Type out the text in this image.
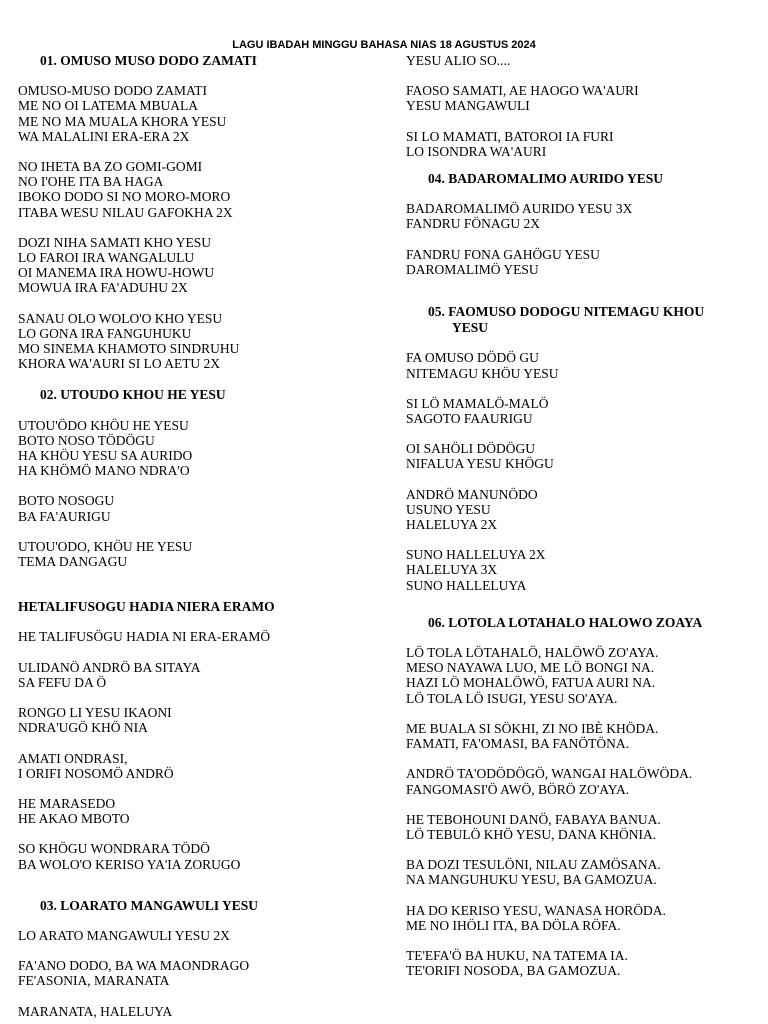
LAGU IBADAH MINGGU BAHASA NIAS 18 AGUSTUS 2024
01. OMUSO MUSO DODO ZAMATI
OMUSO-MUSO DODO ZAMATI
ME NO OI LATEMA MBUALA
ME NO MA MUALA KHORA YESU
WA MALALINI ERA-ERA 2X
NO IHETA BA ZO GOMI-GOMI
NO I'OHE ITA BA HAGA
IBOKO DODO SI NO MORO-MORO
ITABA WESU NILAU GAFOKHA 2X
DOZI NIHA SAMATI KHO YESU
LO FAROI IRA WANGALULU
OI MANEMA IRA HOWU-HOWU
MOWUA IRA FA'ADUHU 2X
SANAU OLO WOLO'O KHO YESU
LO GONA IRA FANGUHUKU
MO SINEMA KHAMOTO SINDRUHU
KHORA WA'AURI SI LO AETU 2X
02. UTOUDO KHOU HE YESU
UTOU'ÖDO KHÖU HE YESU
BOTO NOSO TÖDÖGU
HA KHÖU YESU SA AURIDO
HA KHÖMÖ MANO NDRA'O
BOTO NOSOGU
BA FA'AURIGU
UTOU'ODO, KHÖU HE YESU
TEMA DANGAGU
HETALIFUSOGU HADIA NIERA ERAMO
HE TALIFUSÖGU HADIA NI ERA-ERAMÖ
ULIDANÖ ANDRÖ BA SITAYA
SA FEFU DA Ö
RONGO LI YESU IKAONI
NDRA'UGÖ KHÖ NIA
AMATI ONDRASI,
I ORIFI NOSOMÖ ANDRÖ
HE MARASEDO
HE AKAO MBOTO
SO KHÖGU WONDRARA TÖDÖ
BA WOLO'O KERISO YA'IA ZORUGO
03. LOARATO MANGAWULI YESU
LO ARATO MANGAWULI YESU 2X
FA'ANO DODO, BA WA MAONDRAGO
FE'ASONIA, MARANATA
MARANATA, HALELUYA
YESU ALIO SO....
FAOSO SAMATI, AE HAOGO WA'AURI
YESU MANGAWULI
SI LO MAMATI, BATOROI IA FURI
LO ISONDRA WA'AURI
04. BADAROMALIMO AURIDO YESU
BADAROMALIMÖ AURIDO YESU 3X
FANDRU FÖNAGU 2X
FANDRU FONA GAHÖGU YESU
DAROMALIMÖ YESU
05. FAOMUSO DODOGU NITEMAGU KHOU
YESU
FA OMUSO DÖDÖ GU
NITEMAGU KHÖU YESU
SI LÖ MAMALÖ-MALÖ
SAGOTO FAAURIGU
OI SAHÖLI DÖDÖGU
NIFALUA YESU KHÖGU
ANDRÖ MANUNÖDO
USUNO YESU
HALELUYA 2X
SUNO HALLELUYA 2X
HALELUYA 3X
SUNO HALLELUYA
06. LOTOLA LOTAHALO HALOWO ZOAYA
LÖ TOLA LÖTAHALÖ, HALÖWÖ ZO'AYA.
MESO NAYAWA LUO, ME LÖ BONGI NA.
HAZI LÖ MOHALÖWÖ, FATUA AURI NA.
LÖ TOLA LÖ ISUGI, YESU SO'AYA.
ME BUALA SI SÖKHI, ZI NO IBÈ KHÖDA.
FAMATI, FA'OMASI, BA FANÖTÖNA.
ANDRÖ TA'ODÖDÖGÖ, WANGAI HALÖWÖDA.
FANGOMASI'Ö AWÖ, BÖRÖ ZO'AYA.
HE TEBOHOUNI DANÖ, FABAYA BANUA.
LÖ TEBULÖ KHÖ YESU, DANA KHÖNIA.
BA DOZI TESULÖNI, NILAU ZAMÖSANA.
NA MANGUHUKU YESU, BA GAMOZUA.
HA DO KERISO YESU, WANASA HORÖDA.
ME NO IHÖLI ITA, BA DÖLA RÖFA.
TE'EFA'Ö BA HUKU, NA TATEMA IA.
TE'ORIFI NOSODA, BA GAMOZUA.
